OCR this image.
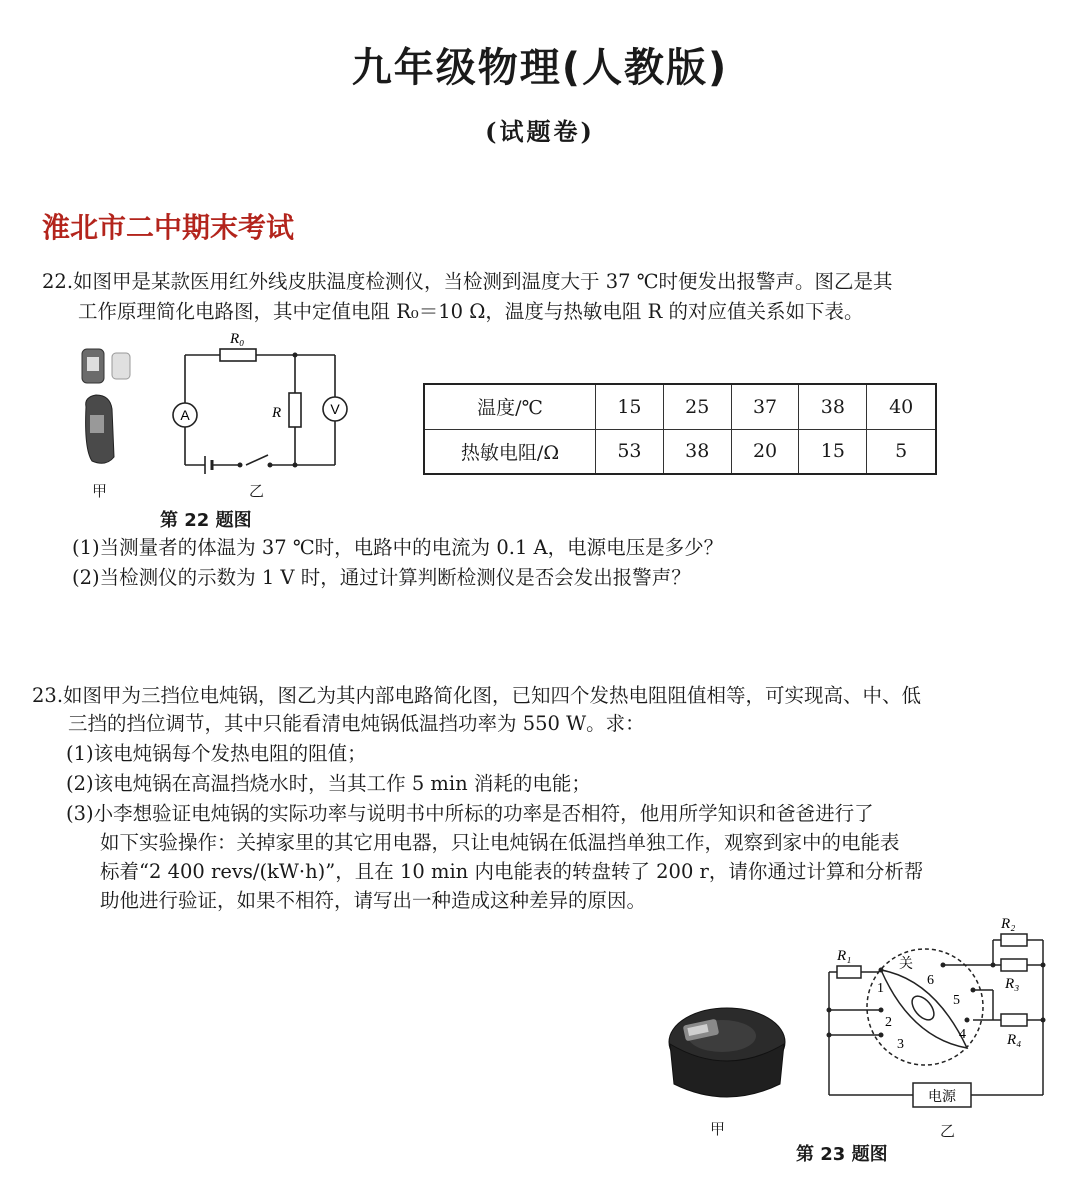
九年级物理(人教版)
(试题卷)
淮北市二中期末考试
22.如图甲是某款医用红外线皮肤温度检测仪，当检测到温度大于 37 ℃时便发出报警声。图乙是其
工作原理简化电路图，其中定值电阻 R₀＝10 Ω，温度与热敏电阻 R 的对应值关系如下表。
甲
A	V
R₀
R
乙
第 22 题图
温度/℃	15	25	37	38	40
热敏电阻/Ω	53	38	20	15	5
(1)当测量者的体温为 37 ℃时，电路中的电流为 0.1 A，电源电压是多少？
(2)当检测仪的示数为 1 V 时，通过计算判断检测仪是否会发出报警声？
23.如图甲为三挡位电炖锅，图乙为其内部电路简化图，已知四个发热电阻阻值相等，可实现高、中、低
三挡的挡位调节，其中只能看清电炖锅低温挡功率为 550 W。求：
(1)该电炖锅每个发热电阻的阻值；
(2)该电炖锅在高温挡烧水时，当其工作 5 min 消耗的电能；
(3)小李想验证电炖锅的实际功率与说明书中所标的功率是否相符，他用所学知识和爸爸进行了
如下实验操作：关掉家里的其它用电器，只让电炖锅在低温挡单独工作，观察到家中的电能表
标着“2 400 revs/(kW·h)”，且在 10 min 内电能表的转盘转了 200 r，请你通过计算和分析帮
助他进行验证，如果不相符，请写出一种造成这种差异的原因。
甲
R₁
R₂
R₃
R₄
关
1
2
3
4
5
6
电源
乙
第 23 题图
